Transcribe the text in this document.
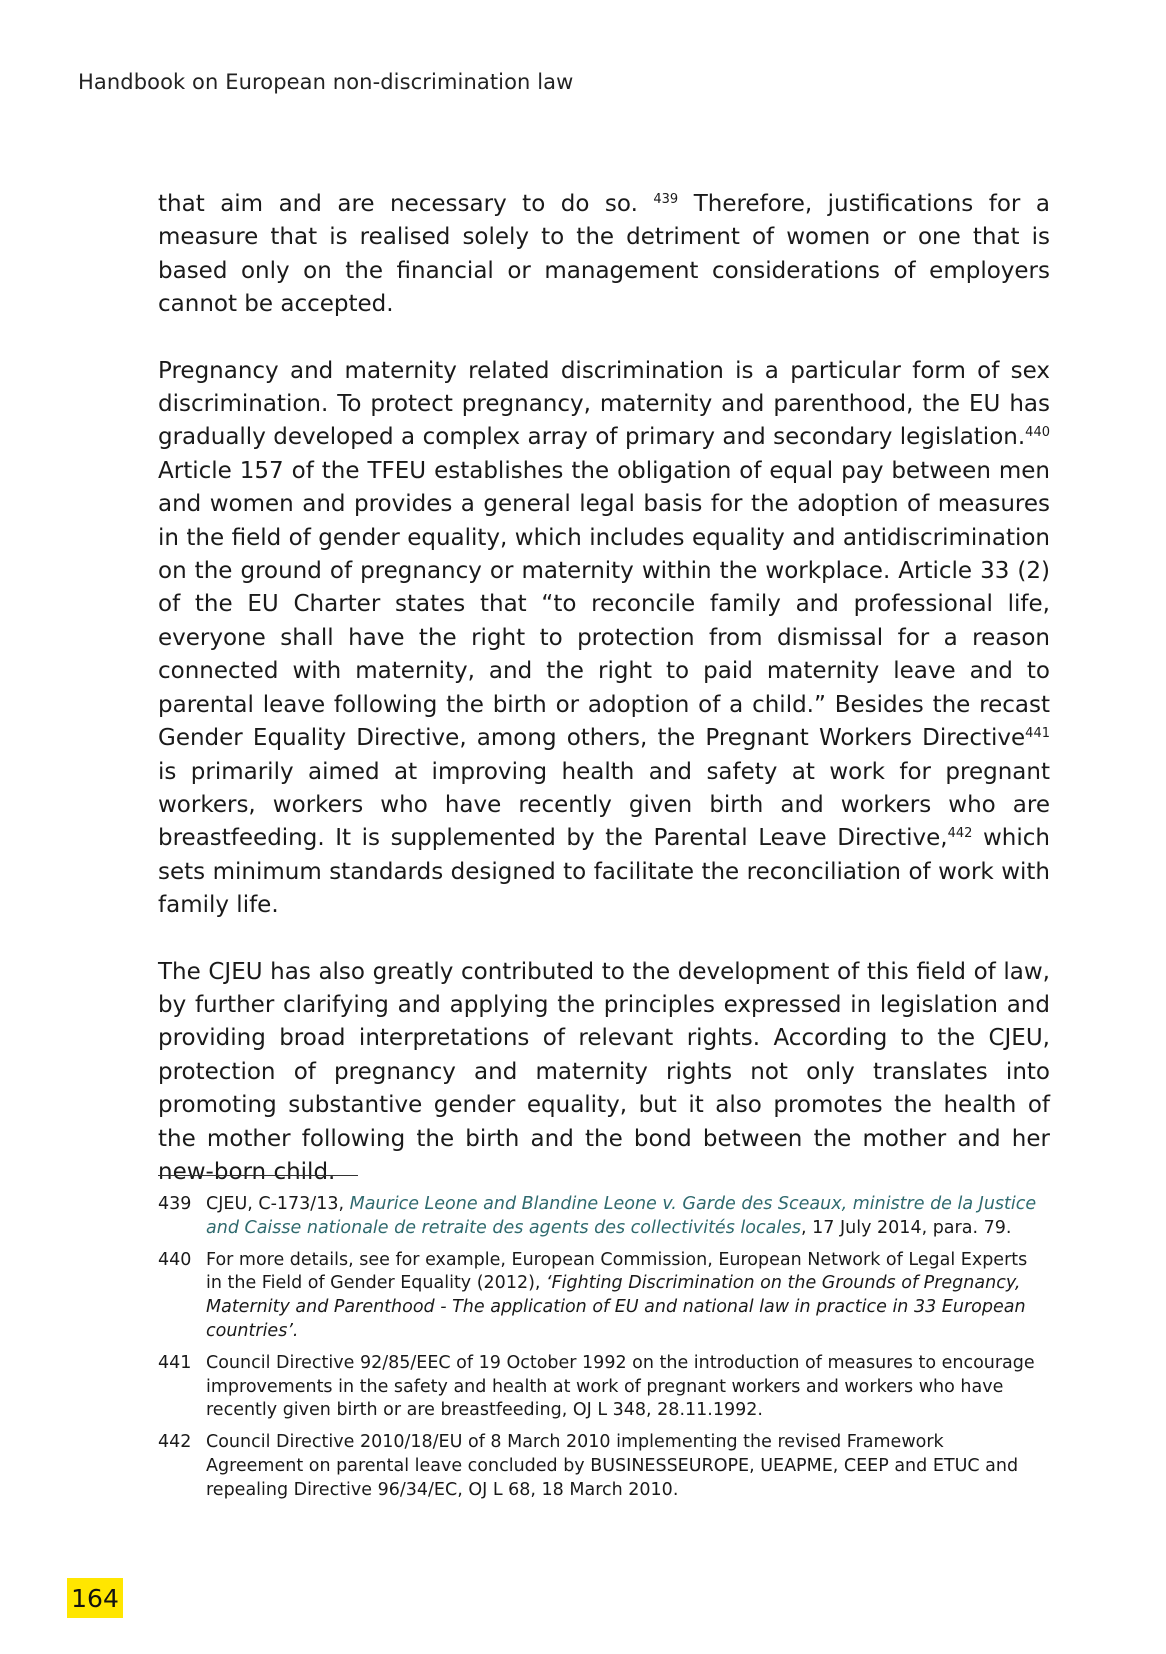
Handbook on European non-discrimination law

that aim and are necessary to do so. $^{439}$ Therefore, justifications for a measure that is realised solely to the detriment of women or one that is based only on the financial or management considerations of employers cannot be accepted.

Pregnancy and maternity related discrimination is a particular form of sex discrimination. To protect pregnancy, maternity and parenthood, the EU has gradually developed a complex array of primary and secondary legislation.$^{440}$ Article 157 of the TFEU establishes the obligation of equal pay between men and women and provides a general legal basis for the adoption of measures in the field of gender equality, which includes equality and antidiscrimination on the ground of pregnancy or maternity within the workplace. Article 33 (2) of the EU Charter states that “to reconcile family and professional life, everyone shall have the right to protection from dismissal for a reason connected with maternity, and the right to paid maternity leave and to parental leave following the birth or adoption of a child.” Besides the recast Gender Equality Directive, among others, the Pregnant Workers Directive$^{441}$ is primarily aimed at improving health and safety at work for pregnant workers, workers who have recently given birth and workers who are breastfeeding. It is supplemented by the Parental Leave Directive,$^{442}$ which sets minimum standards designed to facilitate the reconciliation of work with family life.

The CJEU has also greatly contributed to the development of this field of law, by further clarifying and applying the principles expressed in legislation and providing broad interpretations of relevant rights. According to the CJEU, protection of pregnancy and maternity rights not only translates into promoting substantive gender equality, but it also promotes the health of the mother following the birth and the bond between the mother and her new-born child.

439 CJEU, C-173/13, Maurice Leone and Blandine Leone v. Garde des Sceaux, ministre de la Justice and Caisse nationale de retraite des agents des collectivités locales, 17 July 2014, para. 79.
440 For more details, see for example, European Commission, European Network of Legal Experts in the Field of Gender Equality (2012), ‘Fighting Discrimination on the Grounds of Pregnancy, Maternity and Parenthood - The application of EU and national law in practice in 33 European countries’.
441 Council Directive 92/85/EEC of 19 October 1992 on the introduction of measures to encourage improvements in the safety and health at work of pregnant workers and workers who have recently given birth or are breastfeeding, OJ L 348, 28.11.1992.
442 Council Directive 2010/18/EU of 8 March 2010 implementing the revised Framework Agreement on parental leave concluded by BUSINESSEUROPE, UEAPME, CEEP and ETUC and repealing Directive 96/34/EC, OJ L 68, 18 March 2010.
164
